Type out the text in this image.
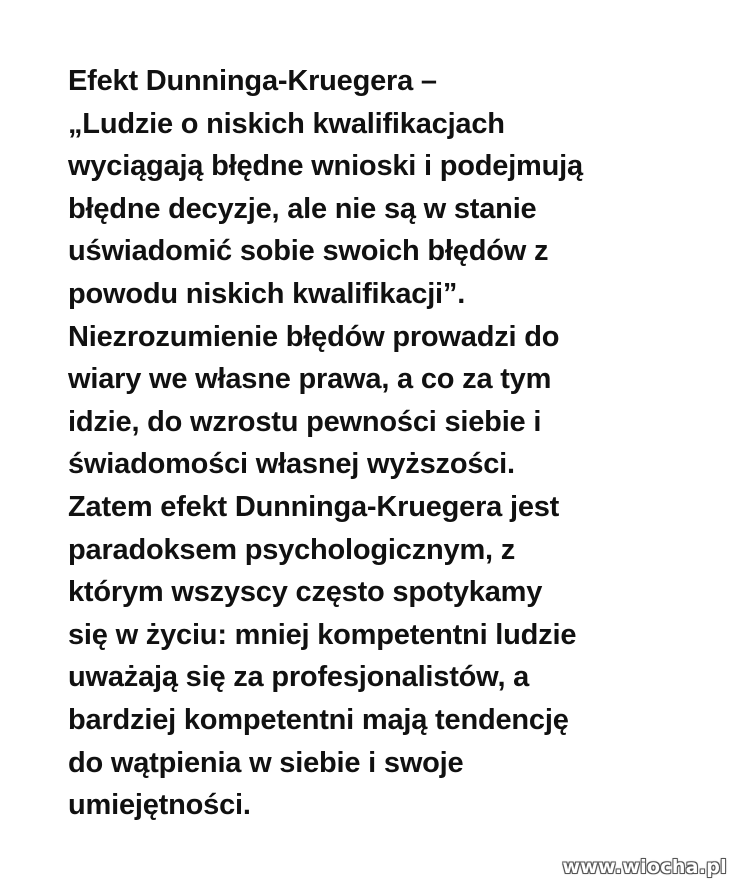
Efekt Dunninga-Kruegera –
„Ludzie o niskich kwalifikacjach
wyciągają błędne wnioski i podejmują
błędne decyzje, ale nie są w stanie
uświadomić sobie swoich błędów z
powodu niskich kwalifikacji”.
Niezrozumienie błędów prowadzi do
wiary we własne prawa, a co za tym
idzie, do wzrostu pewności siebie i
świadomości własnej wyższości.
Zatem efekt Dunninga-Kruegera jest
paradoksem psychologicznym, z
którym wszyscy często spotykamy
się w życiu: mniej kompetentni ludzie
uważają się za profesjonalistów, a
bardziej kompetentni mają tendencję
do wątpienia w siebie i swoje
umiejętności.
www.wiocha.pl
